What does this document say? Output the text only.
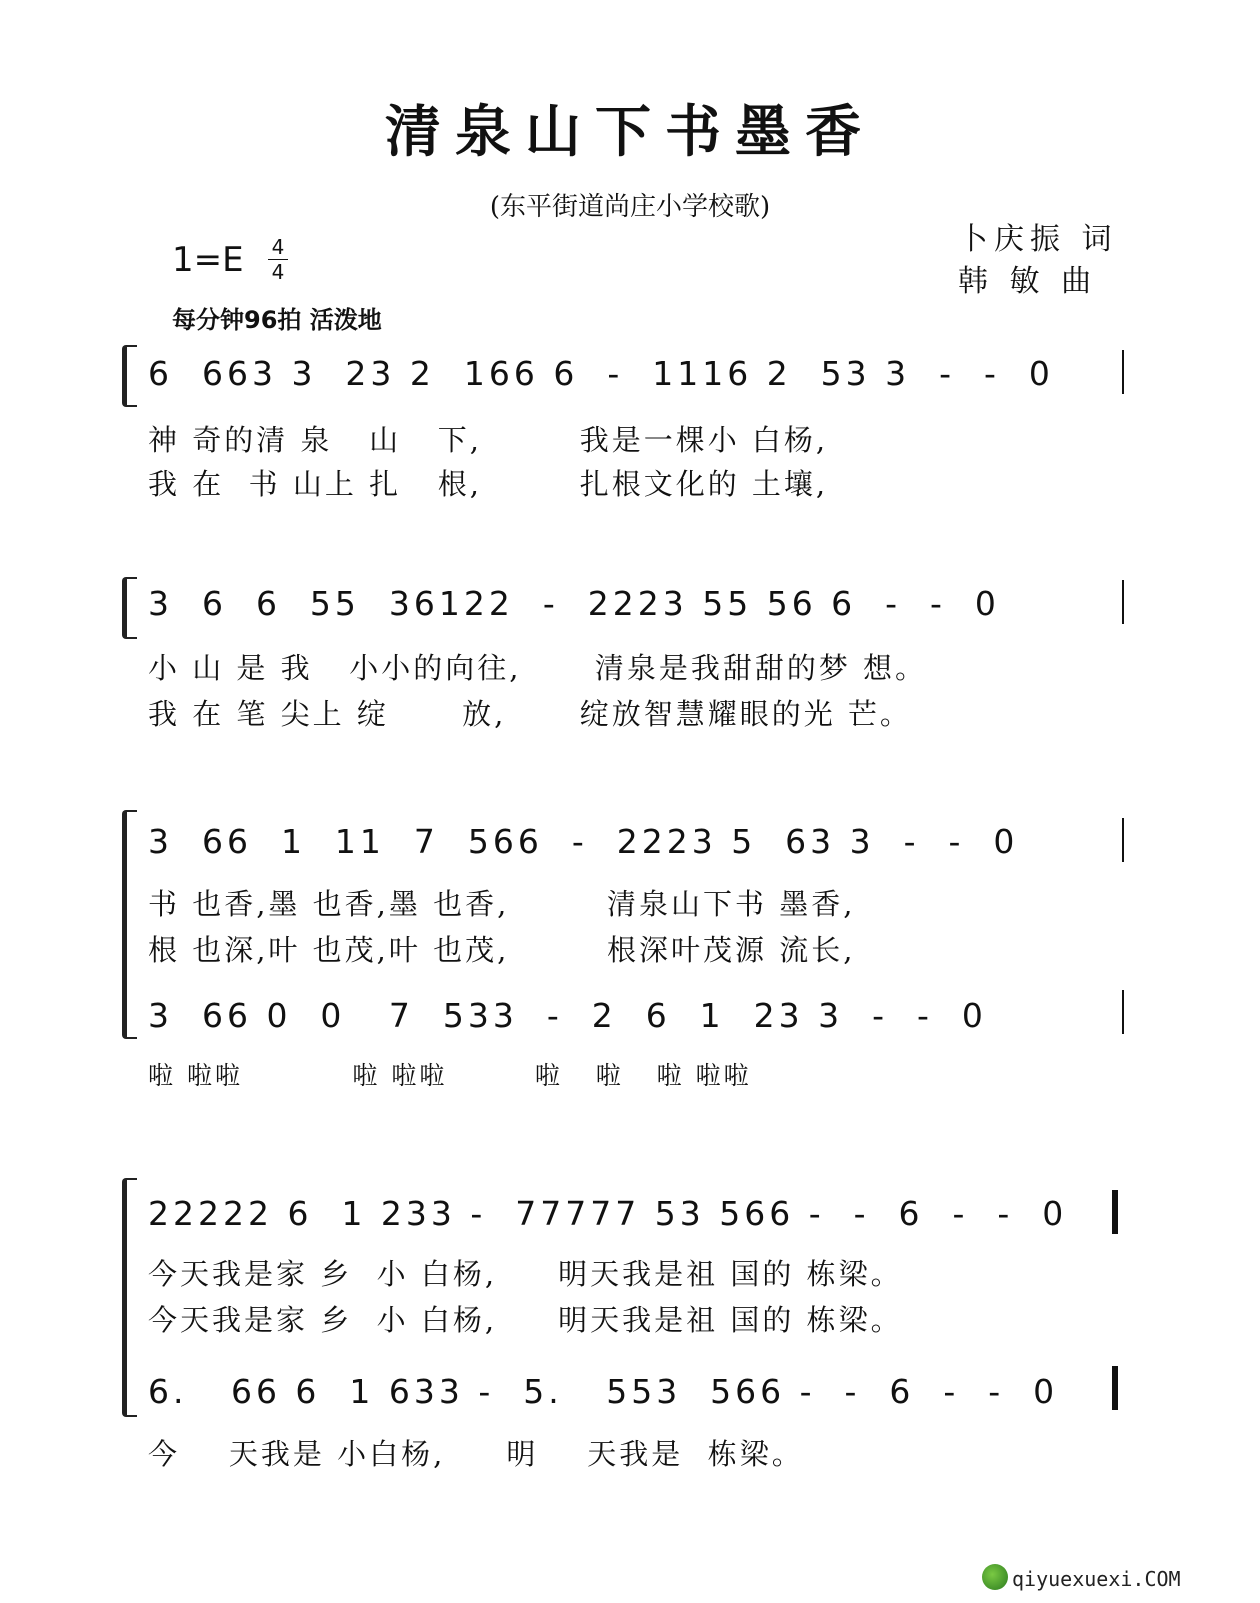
清泉山下书墨香
(东平街道尚庄小学校歌)
卜庆振 词
韩 敏 曲
1=E 4
4
每分钟96拍 活泼地
6  663 3  23 2  166 6  -  1116 2  53 3  -  -  0
神 奇的清 泉   山   下,        我是一棵小 白杨,
我 在  书 山上 扎   根,        扎根文化的 土壤,
3  6  6  55  36122  -  2223 55 56 6  -  -  0
小 山 是 我   小小的向往,      清泉是我甜甜的梦 想。
我 在 笔 尖上 绽      放,      绽放智慧耀眼的光 芒。
3  66  1  11  7  566  -  2223 5  63 3  -  -  0
书 也香,墨 也香,墨 也香,        清泉山下书 墨香,
根 也深,叶 也茂,叶 也茂,        根深叶茂源 流长,
3  66 0  0   7  533  -  2  6  1  23 3  -  -  0
啦 啦啦          啦 啦啦        啦   啦   啦 啦啦
22222 6  1 233 -  77777 53 566 -  -  6  -  -  0
今天我是家 乡  小 白杨,     明天我是祖 国的 栋梁。
今天我是家 乡  小 白杨,     明天我是祖 国的 栋梁。
6.   66 6  1 633 -  5.   553  566 -  -  6  -  -  0
今    天我是 小白杨,     明    天我是  栋梁。
qiyuexuexi.COM
